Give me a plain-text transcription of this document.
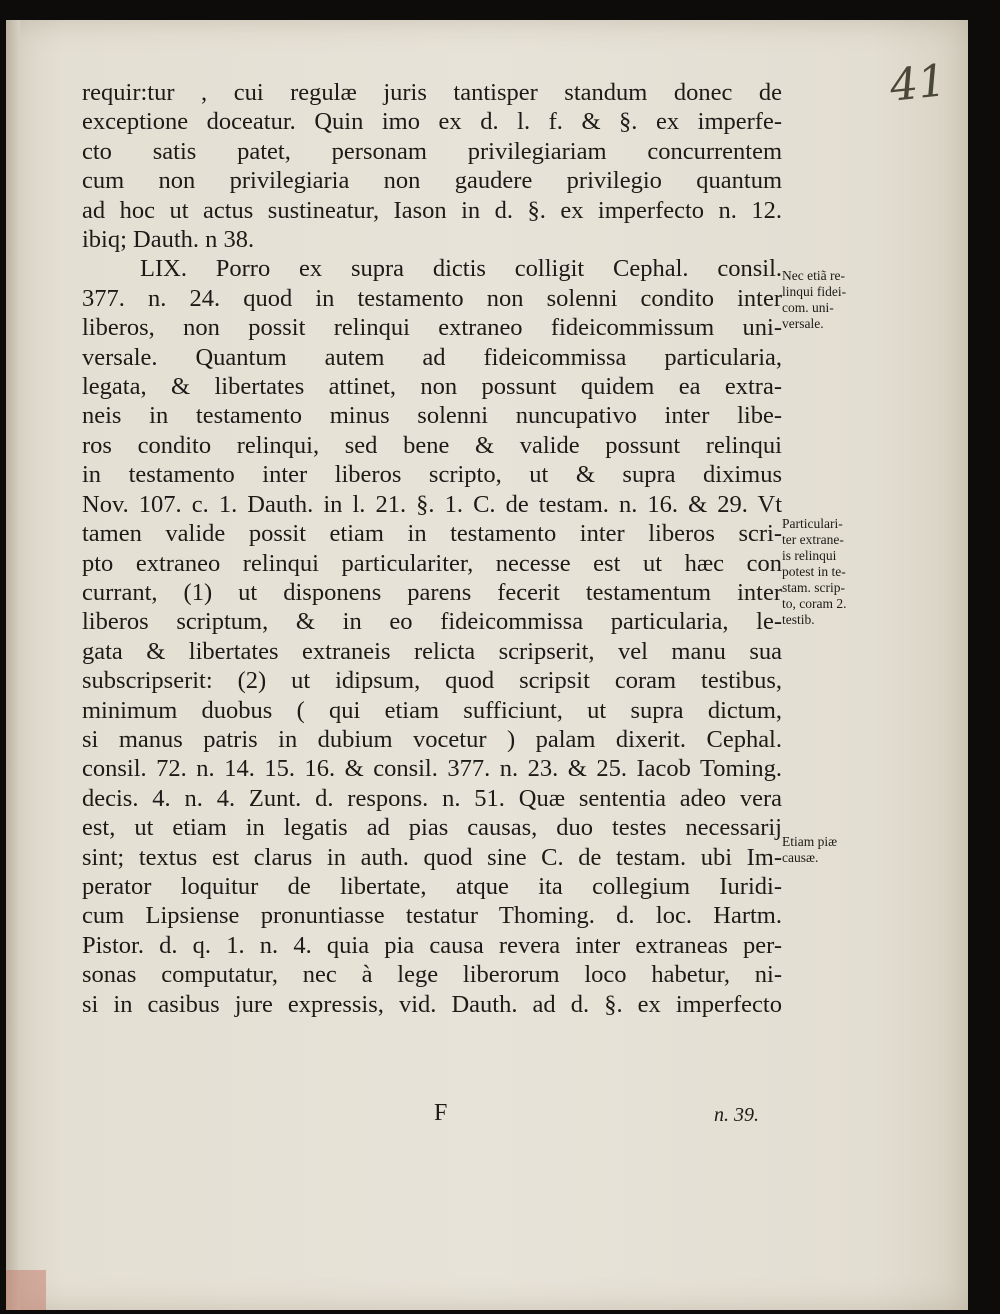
41
requir:tur , cui regulæ juris tantisper standum donec de
exceptione doceatur. Quin imo ex d. l. f. & §. ex imperfe-
cto satis patet, personam privilegiariam concurrentem
cum non privilegiaria non gaudere privilegio quantum
ad hoc ut actus sustineatur, Iason in d. §. ex imperfecto n. 12.
ibiq; Dauth. n 38.
LIX. Porro ex supra dictis colligit Cephal. consil.
377. n. 24. quod in testamento non solenni condito inter
liberos, non possit relinqui extraneo fideicommissum uni-
versale. Quantum autem ad fideicommissa particularia,
legata, & libertates attinet, non possunt quidem ea extra-
neis in testamento minus solenni nuncupativo inter libe-
ros condito relinqui, sed bene & valide possunt relinqui
in testamento inter liberos scripto, ut & supra diximus
Nov. 107. c. 1. Dauth. in l. 21. §. 1. C. de testam. n. 16. & 29. Vt
tamen valide possit etiam in testamento inter liberos scri-
pto extraneo relinqui particulariter, necesse est ut hæc con
currant, (1) ut disponens parens fecerit testamentum inter
liberos scriptum, & in eo fideicommissa particularia, le-
gata & libertates extraneis relicta scripserit, vel manu sua
subscripserit: (2) ut idipsum, quod scripsit coram testibus,
minimum duobus ( qui etiam sufficiunt, ut supra dictum,
si manus patris in dubium vocetur ) palam dixerit. Cephal.
consil. 72. n. 14. 15. 16. & consil. 377. n. 23. & 25. Iacob Toming.
decis. 4. n. 4. Zunt. d. respons. n. 51. Quæ sententia adeo vera
est, ut etiam in legatis ad pias causas, duo testes necessarij
sint; textus est clarus in auth. quod sine C. de testam. ubi Im-
perator loquitur de libertate, atque ita collegium Iuridi-
cum Lipsiense pronuntiasse testatur Thoming. d. loc. Hartm.
Pistor. d. q. 1. n. 4. quia pia causa revera inter extraneas per-
sonas computatur, nec à lege liberorum loco habetur, ni-
si in casibus jure expressis, vid. Dauth. ad d. §. ex imperfecto
F	n. 39.
Nec etiã re-
linqui fidei-
com. uni-
versale.
Particulari-
ter extrane-
is relinqui
potest in te-
stam. scrip-
to, coram 2.
testib.
Etiam piæ
causæ.
